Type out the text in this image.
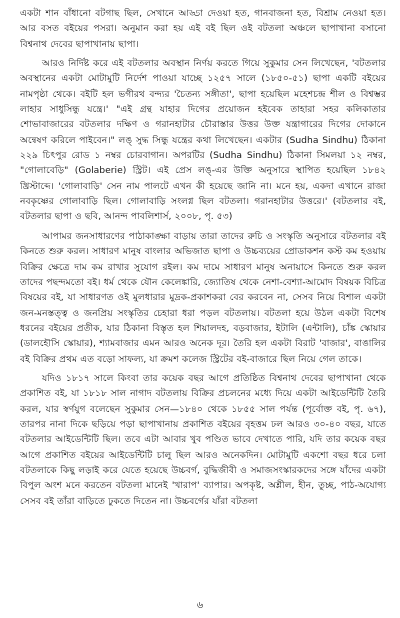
একটা শান বাঁধানো বটগাছ ছিল, সেখানে আড্ডা দেওয়া হত, গানবাজনা হত, বিশ্রাম নেওয়া হত। আর বসত বইয়ের পসরা। অনুমান করা হয় এই বই ছিল ওই বটতলা অঞ্চলে ছাপাখানা বসানো বিশ্বনাথ দেবের ছাপাখানায় ছাপা।

আরও নির্দিষ্ট করে এই বটতলার অবস্থান নির্ণয় করতে গিয়ে সুকুমার সেন লিখেছেন, 'বটতলার অবস্থানের একটা মোটামুটি নির্দেশ পাওয়া যাচ্ছে ১২৫৭ সালে (১৮৫০-৫১) ছাপা একটি বইয়ের নামপৃষ্ঠা থেকে। বইটি হল ভগীরথ বন্দ্যর 'চৈতন্য সঙ্গীতা', ছাপা হয়েছিল মহেশচন্দ্র শীল ও বিশ্বম্ভর লাহার সাধুসিন্ধু যন্ত্রে।' "এই গ্রন্থ যাহার দিগের প্রয়োজন হইবেক তাহারা সহর কলিকাতার শোভাবাজারের বটতলার দক্ষিণ ও গরানহাটার চৌরাস্তার উত্তর উক্ত যন্ত্রাগারের দিগের দোকানে অন্বেষণ করিলে পাইবেন।" লঙ্ সুদ্ধ সিন্ধু যন্ত্রের কথা লিখেছেন। একটার (Sudha Sindhu) ঠিকানা ২২৯ চিৎপুর রোড ১ নম্বর চোরবাগান। অপরটির (Sudha Sindhu) ঠিকানা সিমলয়া ১২ নম্বর, "গোলাবেড়ি" (Golaberie) স্ট্রিট। এই প্রেস লঙ্-এর উক্তি অনুসারে স্থাপিত হয়েছিল ১৮৪২ খ্রিস্টাব্দে। 'গোলাবাড়ি' সেন নাম পালটে এখন কী হয়েছে জানি না। মনে হয়, একদা এখানে রাজা নবকৃষ্ণের গোলাবাড়ি ছিল। গোলাবাড়ি সংলগ্ন ছিল বটতলা। গরানহাটার উত্তরে।' (বটতলার বই, বটতলার ছাপা ও ছবি, আনন্দ পাবলিশার্স, ২০০৮, পৃ. ৫৩)

আপামর জনসাধারণের পাঠাকাঙ্ক্ষা বাড়ায় তারা তাদের রুচি ও সংস্কৃতি অনুসারে বটতলার বই কিনতে শুরু করল। সাধারণ মানুষ বাংলার অভিজাত ছাপা ও উচ্চব্যয়ের প্রোডাকশন কস্ট কম হওয়ায় বিক্রির ক্ষেত্রে দাম কম রাখার সুযোগ রইল। কম দামে সাধারণ মানুষ অনায়াসে কিনতে শুরু করল তাদের পছন্দমতো বই। ধর্ম থেকে যৌন কেলেঙ্কারি, জ্যোতিষ থেকে নেশা-বেশ্যা-আমোদ বিষয়ক বিচিত্র বিষয়ের বই, যা সাধারণত ওই মুলধারার মুদ্রক-প্রকাশকরা বের করবেন না, সেসব নিয়ে বিশাল একটা জন-মনস্তত্ত্ব ও জনপ্রিয় সংস্কৃতির চেহারা ধরা পড়ল বটতলায়। বটতলা হয়ে উঠল একটা বিশেষ ধরনের বইয়ের প্রতীক, যার ঠিকানা বিস্তৃত হল শিয়ালদহ, বড়বাজার, ইটালি (এন্টালি), চাঁঙ্ক স্কোয়ার (ডালহৌসি স্কোয়ার), শ্যামবাজার এমন আরও অনেক দূর। তৈরি হল একটা বিরাট 'বাজার', বাঙালির বই বিক্রির প্রথম এত বড়ো সাফল্য, যা ক্রমশ কলেজ স্ট্রিটের বই-বাজারে ছিল নিয়ে গেল তাকে।

যদিও ১৮১৭ সালে কিংবা তার কয়েক বছর আগে প্রতিষ্ঠিত বিশ্বনাথ দেবের ছাপাখানা থেকে প্রকাশিত বই, যা ১৮১৮ সাল নাগাদ বটতলায় বিক্রির প্রচলনের মধ্যে দিয়ে একটা আইডেন্টিটি তৈরি করল, যার স্বর্ণযুগ বলেছেন সুকুমার সেন—১৮৪০ থেকে ১৮৫৫ সাল পর্যন্ত (পূর্বোক্ত বই, পৃ. ৬৭), তারপর নানা দিকে ছড়িয়ে পড়া ছাপাখানায় প্রকাশিত বইয়ের বৃহত্তম ঢল আরও ৩০-৪০ বছর, যাতে বটতলার আইডেন্টিটি ছিল। তবে এটা আবার খুব পণ্ডিত ভাবে দেখাতে পারি, যদি তার কয়েক বছর আগে প্রকাশিত বইয়ের আইডেন্টিটি চালু ছিল আরও অনেকদিন। মোটামুটি একশো বছর ধরে চলা বটতলাকে কিছু লড়াই করে যেতে হয়েছে উচ্চবর্গ, বুদ্ধিজীবী ও সমাজসংস্কারকদের সঙ্গে যাঁদের একটা বিপুল অংশ মনে করতেন বটতলা মানেই 'খারাপ' ব্যাপার। অপকৃষ্ট, অশ্লীল, হীন, তুচ্ছ, পাঠ-অযোগ্য সেসব বই তাঁরা বাড়িতে ঢুকতে দিতেন না। উচ্চবর্গের যাঁরা বটতলা

৬
